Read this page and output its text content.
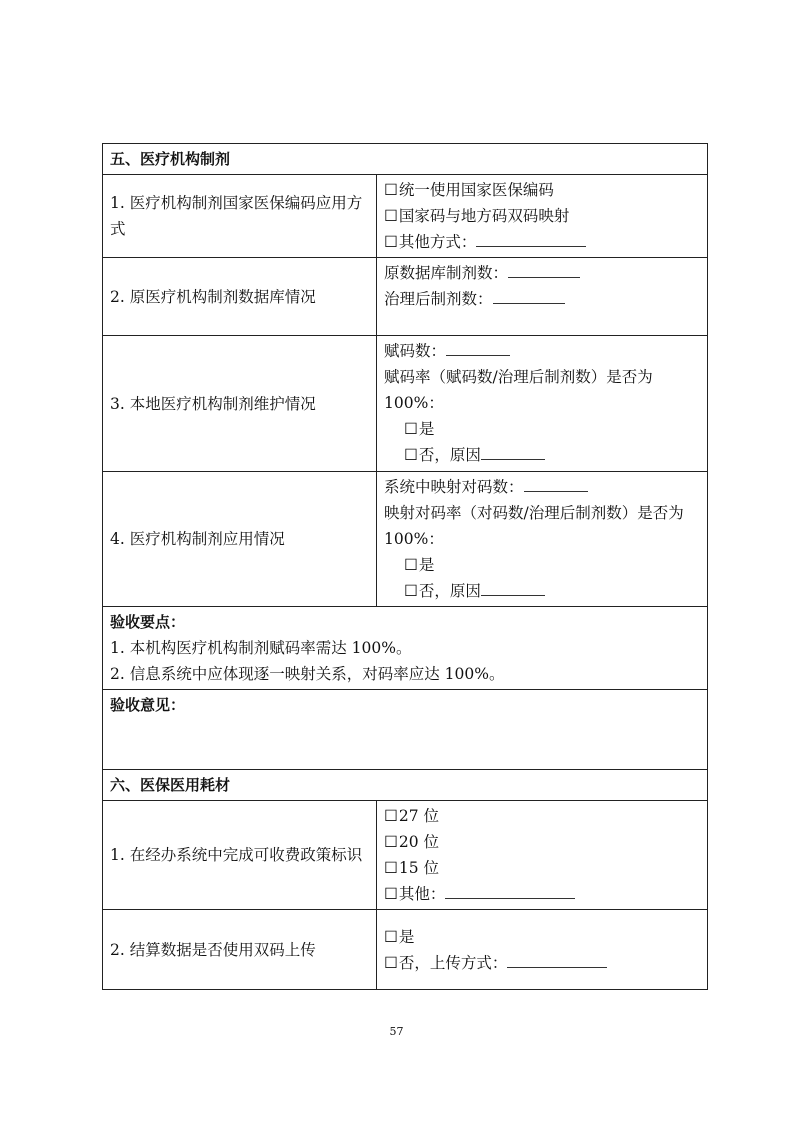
五、医疗机构制剂	
1. 医疗机构制剂国家医保编码应用方式	☐ 统一使用国家医保编码
☐ 国家码与地方码双码映射
☐ 其他方式：

2. 原医疗机构制剂数据库情况	原数据库制剂数：
治理后制剂数：

3. 本地医疗机构制剂维护情况	赋码数：
赋码率（赋码数/治理后制剂数）是否为 100%：
☐ 是
☐ 否，原因

4. 医疗机构制剂应用情况	系统中映射对码数：
映射对码率（对码数/治理后制剂数）是否为 100%：
☐ 是
☐ 否，原因

验收要点：
1. 本机构医疗机构制剂赋码率需达 100%。
2. 信息系统中应体现逐一映射关系，对码率应达 100%。	

验收意见：	
六、医保医用耗材	
1. 在经办系统中完成可收费政策标识	☐ 27 位
☐ 20 位
☐ 15 位
☐ 其他：

2. 结算数据是否使用双码上传	☐ 是
☐ 否，上传方式：
57
